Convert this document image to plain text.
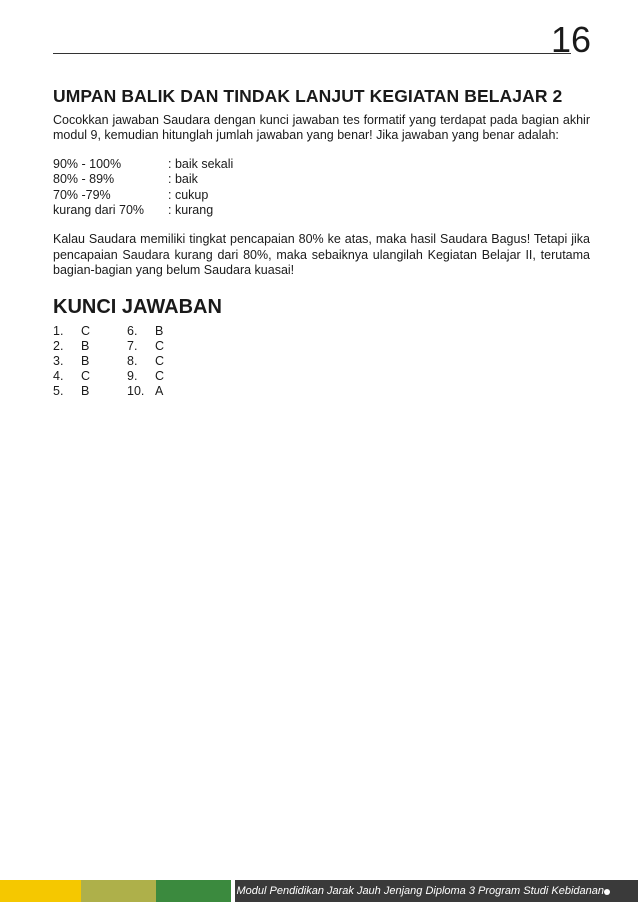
16
UMPAN BALIK DAN TINDAK LANJUT KEGIATAN BELAJAR 2

Cocokkan jawaban Saudara dengan kunci jawaban tes formatif yang terdapat pada bagian akhir modul 9, kemudian hitunglah jumlah jawaban yang benar! Jika jawaban yang benar adalah:

90% - 100%	: baik sekali
80% - 89%	: baik
70% -79%	: cukup
kurang dari 70%	: kurang

Kalau Saudara memiliki tingkat pencapaian 80% ke atas, maka hasil Saudara Bagus! Tetapi jika pencapaian Saudara kurang dari 80%, maka sebaiknya ulangilah Kegiatan Belajar II, terutama bagian-bagian yang belum Saudara kuasai!

KUNCI JAWABAN
1.	C
2.	B
3.	B
4.	C
5.	B
6.	B
7.	C
8.	C
9.	C
10. A
Modul Pendidikan Jarak Jauh Jenjang Diploma 3 Program Studi Kebidanan
